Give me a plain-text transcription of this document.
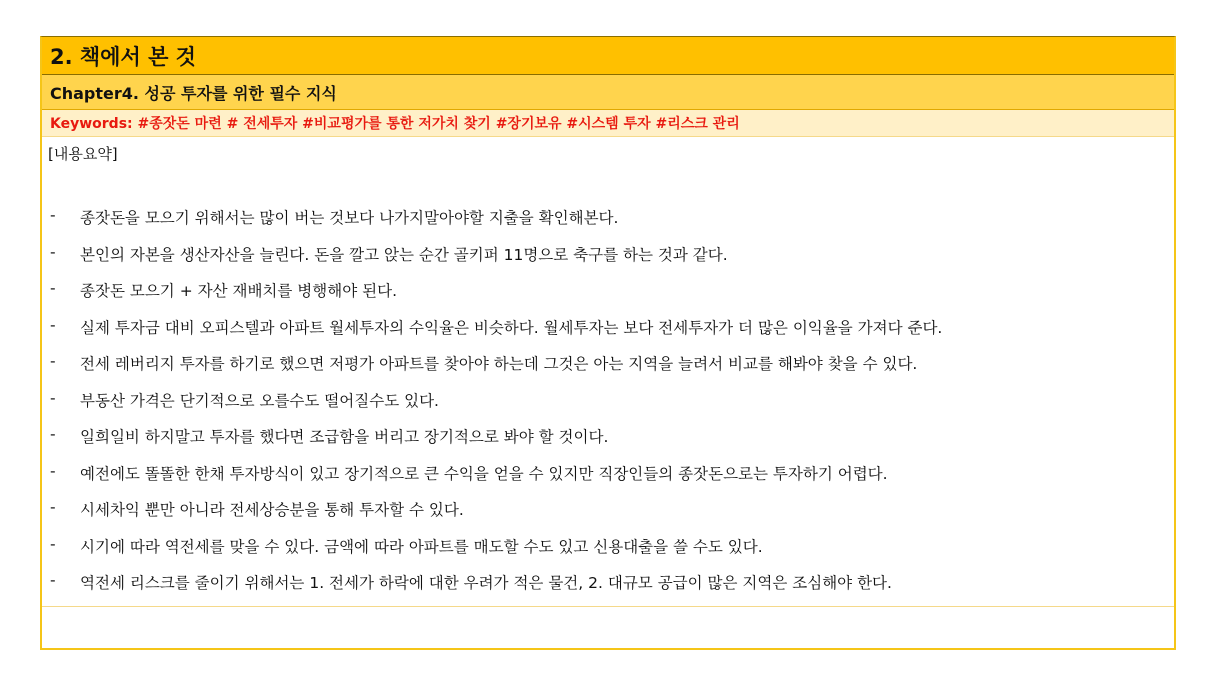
2. 책에서 본 것
Chapter4. 성공 투자를 위한 필수 지식
Keywords: #종잣돈 마련 # 전세투자 #비교평가를 통한 저가치 찾기 #장기보유 #시스템 투자 #리스크 관리
[내용요약]
-	종잣돈을 모으기 위해서는 많이 버는 것보다 나가지말아야할 지출을 확인해본다.
-	본인의 자본을 생산자산을 늘린다. 돈을 깔고 앉는 순간 골키퍼 11명으로 축구를 하는 것과 같다.
-	종잣돈 모으기 + 자산 재배치를 병행해야 된다.
-	실제 투자금 대비 오피스텔과 아파트 월세투자의 수익율은 비슷하다. 월세투자는 보다 전세투자가 더 많은 이익율을 가져다 준다.
-	전세 레버리지 투자를 하기로 했으면 저평가 아파트를 찾아야 하는데 그것은 아는 지역을 늘려서 비교를 해봐야 찾을 수 있다.
-	부동산 가격은 단기적으로 오를수도 떨어질수도 있다.
-	일희일비 하지말고 투자를 했다면 조급함을 버리고 장기적으로 봐야 할 것이다.
-	예전에도 똘똘한 한채 투자방식이 있고 장기적으로 큰 수익을 얻을 수 있지만 직장인들의 종잣돈으로는 투자하기 어렵다.
-	시세차익 뿐만 아니라 전세상승분을 통해 투자할 수 있다.
-	시기에 따라 역전세를 맞을 수 있다. 금액에 따라 아파트를 매도할 수도 있고 신용대출을 쓸 수도 있다.
-	역전세 리스크를 줄이기 위해서는 1. 전세가 하락에 대한 우려가 적은 물건, 2. 대규모 공급이 많은 지역은 조심해야 한다.
